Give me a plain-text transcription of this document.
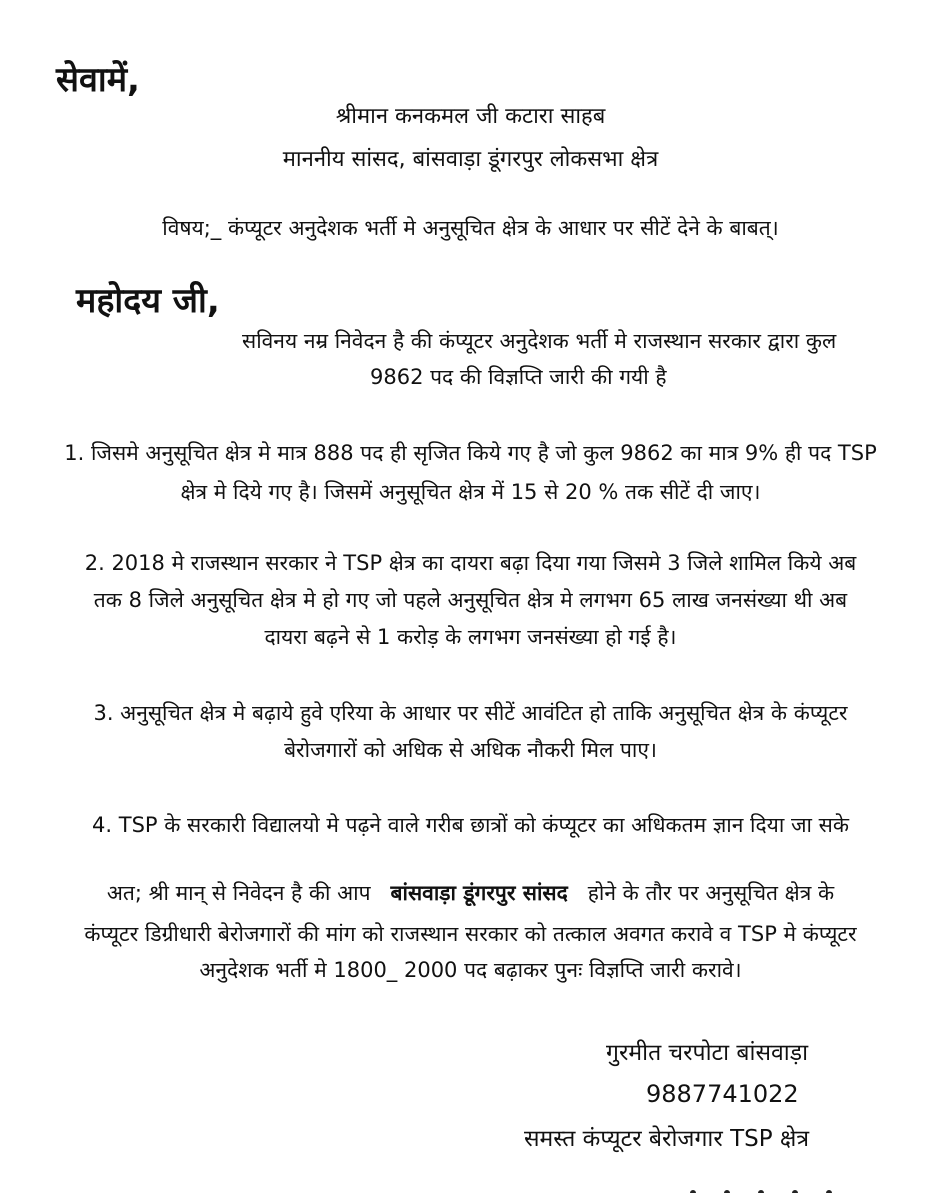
सेवामें,
श्रीमान कनकमल जी कटारा साहब
माननीय सांसद, बांसवाड़ा डूंगरपुर लोकसभा क्षेत्र
विषय;_ कंप्यूटर अनुदेशक भर्ती मे अनुसूचित क्षेत्र के आधार पर सीटें देने के बाबत्।
महोदय जी,
सविनय नम्र निवेदन है की कंप्यूटर अनुदेशक भर्ती मे राजस्थान सरकार द्वारा कुल
9862 पद की विज्ञप्ति जारी की गयी है
1. जिसमे अनुसूचित क्षेत्र मे मात्र 888 पद ही सृजित किये गए है जो कुल 9862 का मात्र 9% ही पद TSP
क्षेत्र मे दिये गए है। जिसमें अनुसूचित क्षेत्र में 15 से 20 % तक सीटें दी जाए।
2. 2018 मे राजस्थान सरकार ने TSP क्षेत्र का दायरा बढ़ा दिया गया जिसमे 3 जिले शामिल किये अब
तक 8 जिले अनुसूचित क्षेत्र मे हो गए जो पहले अनुसूचित क्षेत्र मे लगभग 65 लाख जनसंख्या थी अब
दायरा बढ़ने से 1 करोड़ के लगभग जनसंख्या हो गई है।
3. अनुसूचित क्षेत्र मे बढ़ाये हुवे एरिया के आधार पर सीटें आवंटित हो ताकि अनुसूचित क्षेत्र के कंप्यूटर
बेरोजगारों को अधिक से अधिक नौकरी मिल पाए।
4. TSP के सरकारी विद्यालयो मे पढ़ने वाले गरीब छात्रों को कंप्यूटर का अधिकतम ज्ञान दिया जा सके
अत; श्री मान् से निवेदन है की आप बांसवाड़ा डूंगरपुर सांसद होने के तौर पर अनुसूचित क्षेत्र के
कंप्यूटर डिग्रीधारी बेरोजगारों की मांग को राजस्थान सरकार को तत्काल अवगत करावे व TSP मे कंप्यूटर
अनुदेशक भर्ती मे 1800_ 2000 पद बढ़ाकर पुनः विज्ञप्ति जारी करावे।
गुरमीत चरपोटा बांसवाड़ा
9887741022
समस्त कंप्यूटर बेरोजगार TSP क्षेत्र
